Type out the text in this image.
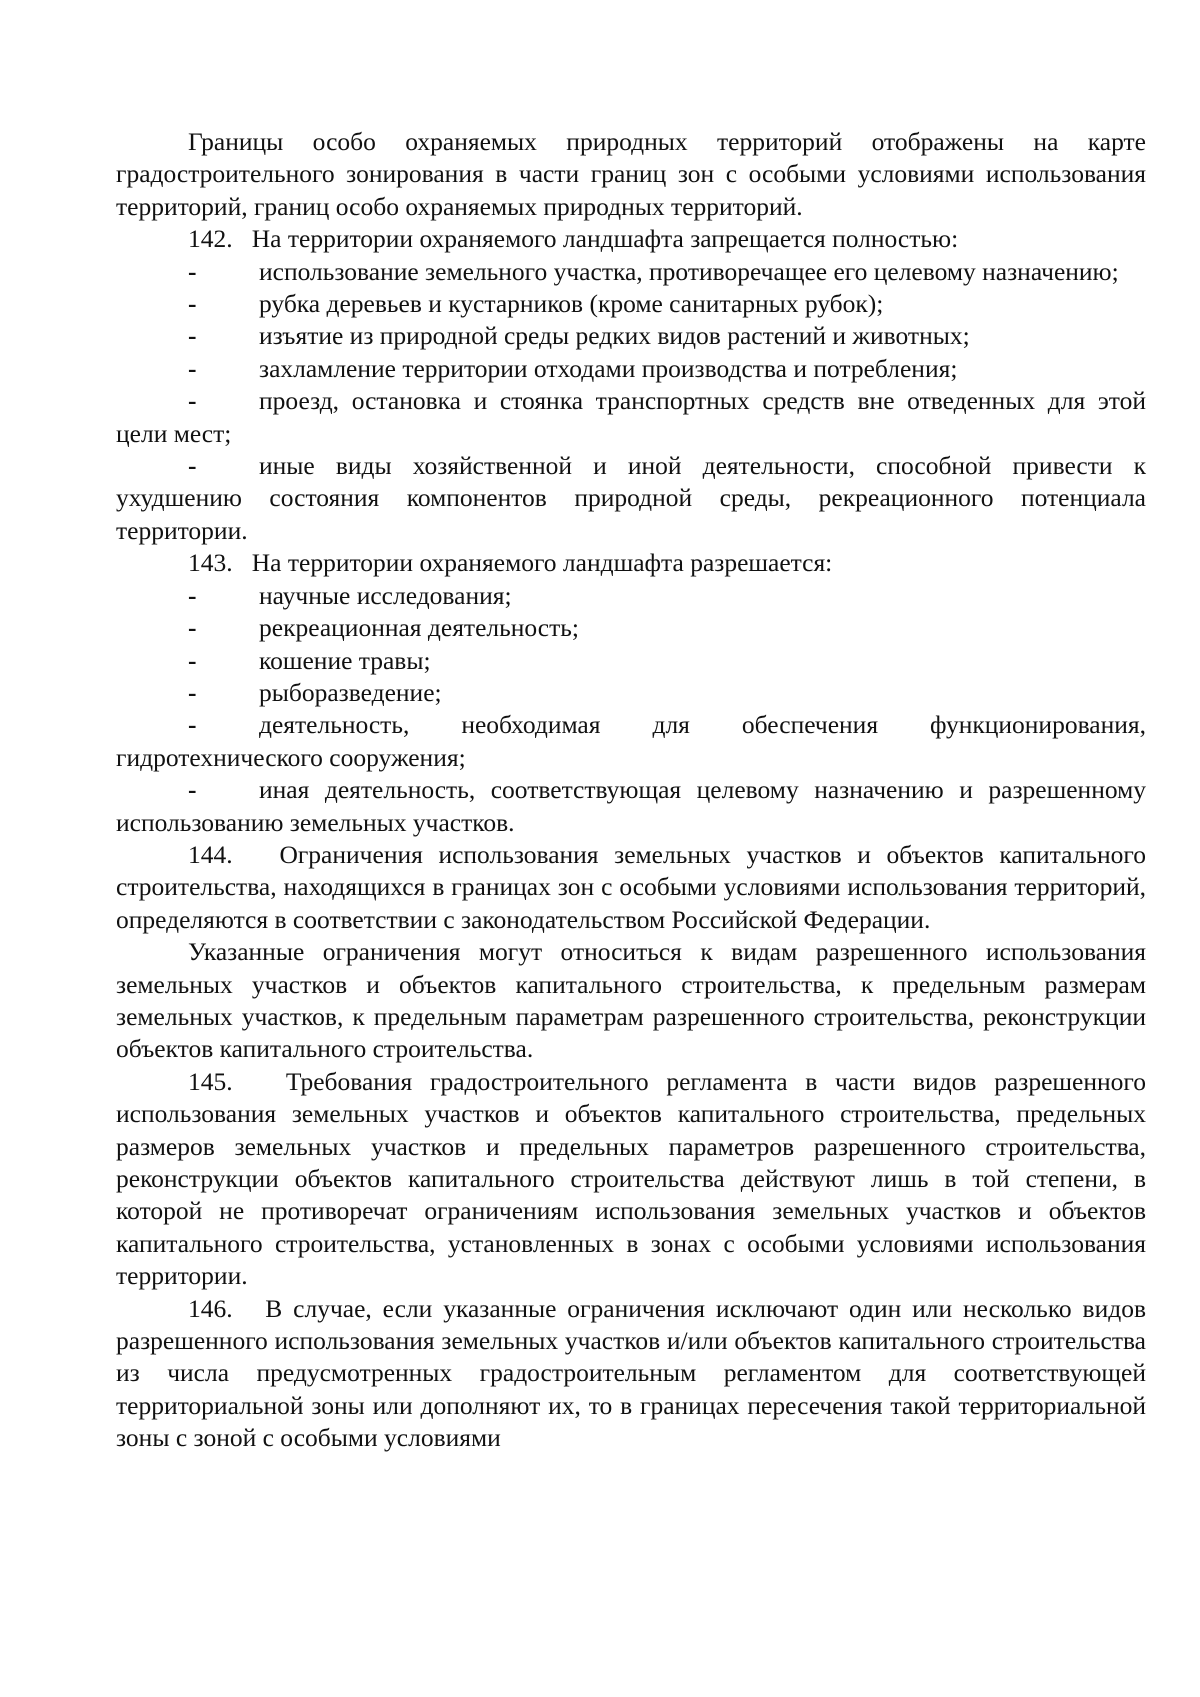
Границы особо охраняемых природных территорий отображены на карте градостроительного зонирования в части границ зон с особыми условиями использования территорий, границ особо охраняемых природных территорий.

142. На территории охраняемого ландшафта запрещается полностью:

- использование земельного участка, противоречащее его целевому назначению;

- рубка деревьев и кустарников (кроме санитарных рубок);

- изъятие из природной среды редких видов растений и животных;

- захламление территории отходами производства и потребления;

- проезд, остановка и стоянка транспортных средств вне отведенных для этой цели мест;

- иные виды хозяйственной и иной деятельности, способной привести к ухудшению состояния компонентов природной среды, рекреационного потенциала территории.

143. На территории охраняемого ландшафта разрешается:

- научные исследования;

- рекреационная деятельность;

- кошение травы;

- рыборазведение;

- деятельность, необходимая для обеспечения функционирования, гидротехнического сооружения;

- иная деятельность, соответствующая целевому назначению и разрешенному использованию земельных участков.

144. Ограничения использования земельных участков и объектов капитального строительства, находящихся в границах зон с особыми условиями использования территорий, определяются в соответствии с законодательством Российской Федерации.

Указанные ограничения могут относиться к видам разрешенного использования земельных участков и объектов капитального строительства, к предельным размерам земельных участков, к предельным параметрам разрешенного строительства, реконструкции объектов капитального строительства.

145. Требования градостроительного регламента в части видов разрешенного использования земельных участков и объектов капитального строительства, предельных размеров земельных участков и предельных параметров разрешенного строительства, реконструкции объектов капитального строительства действуют лишь в той степени, в которой не противоречат ограничениям использования земельных участков и объектов капитального строительства, установленных в зонах с особыми условиями использования территории.

146. В случае, если указанные ограничения исключают один или несколько видов разрешенного использования земельных участков и/или объектов капитального строительства из числа предусмотренных градостроительным регламентом для соответствующей территориальной зоны или дополняют их, то в границах пересечения такой территориальной зоны с зоной с особыми условиями
